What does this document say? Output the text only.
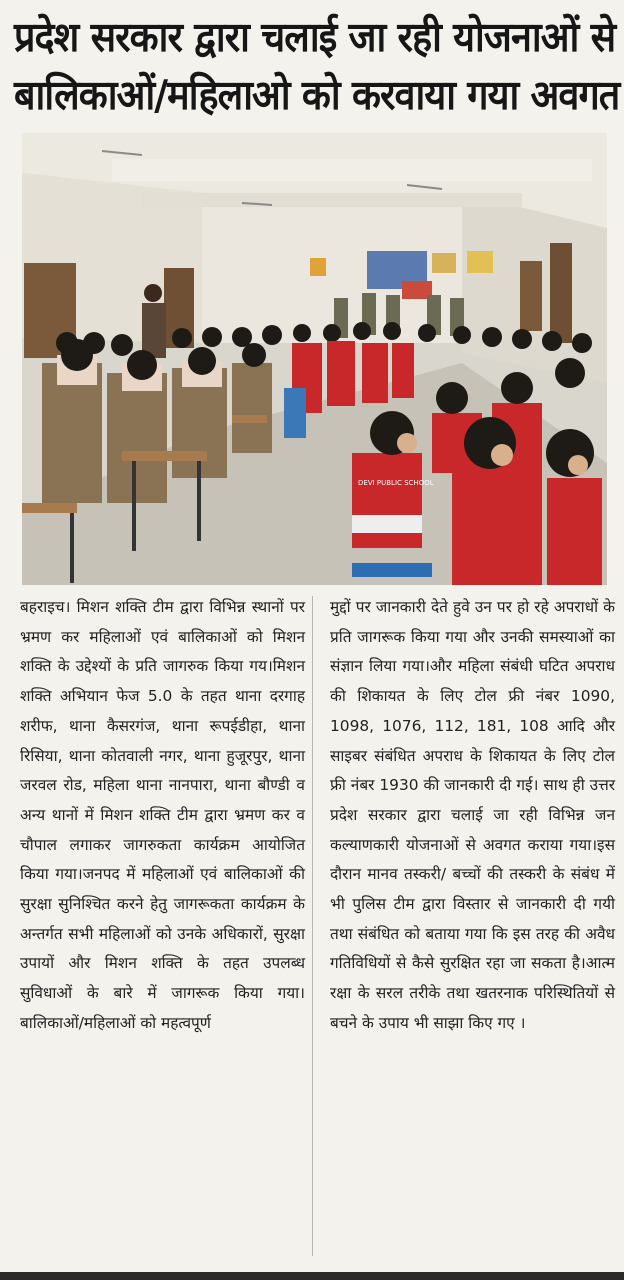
प्रदेश सरकार द्वारा चलाई जा रही योजनाओं से
बालिकाओं/महिलाओ को करवाया गया अवगत
DEVI PUBLIC SCHOOL

बहराइच। मिशन शक्ति टीम द्वारा विभिन्न स्थानों पर भ्रमण कर महिलाओं एवं बालिकाओं को मिशन शक्ति के उद्देश्यों के प्रति जागरुक किया गय।मिशन शक्ति अभियान फेज 5.0 के तहत थाना दरगाह शरीफ, थाना कैसरगंज, थाना रूपईडीहा, थाना रिसिया, थाना कोतवाली नगर, थाना हुजूरपुर, थाना जरवल रोड, महिला थाना नानपारा, थाना बौण्डी व अन्य थानों में मिशन शक्ति टीम द्वारा भ्रमण कर व चौपाल लगाकर जागरुकता कार्यक्रम आयोजित किया गया।जनपद में महिलाओं एवं बालिकाओं की सुरक्षा सुनिश्चित करने हेतु जागरूकता कार्यक्रम के अन्तर्गत सभी महिलाओं को उनके अधिकारों, सुरक्षा उपायों और मिशन शक्ति के तहत उपलब्ध सुविधाओं के बारे में जागरूक किया गया। बालिकाओं/महिलाओं को महत्वपूर्ण

मुद्दों पर जानकारी देते हुवे उन पर हो रहे अपराधों के प्रति जागरूक किया गया और उनकी समस्याओं का संज्ञान लिया गया।और महिला संबंधी घटित अपराध की शिकायत के लिए टोल फ्री नंबर 1090, 1098, 1076, 112, 181, 108 आदि और साइबर संबंधित अपराध के शिकायत के लिए टोल फ्री नंबर 1930 की जानकारी दी गई। साथ ही उत्तर प्रदेश सरकार द्वारा चलाई जा रही विभिन्न जन कल्याणकारी योजनाओं से अवगत कराया गया।इस दौरान मानव तस्करी/ बच्चों की तस्करी के संबंध में भी पुलिस टीम द्वारा विस्तार से जानकारी दी गयी तथा संबंधित को बताया गया कि इस तरह की अवैध गतिविधियों से कैसे सुरक्षित रहा जा सकता है।आत्म रक्षा के सरल तरीके तथा खतरनाक परिस्थितियों से बचने के उपाय भी साझा किए गए ।
